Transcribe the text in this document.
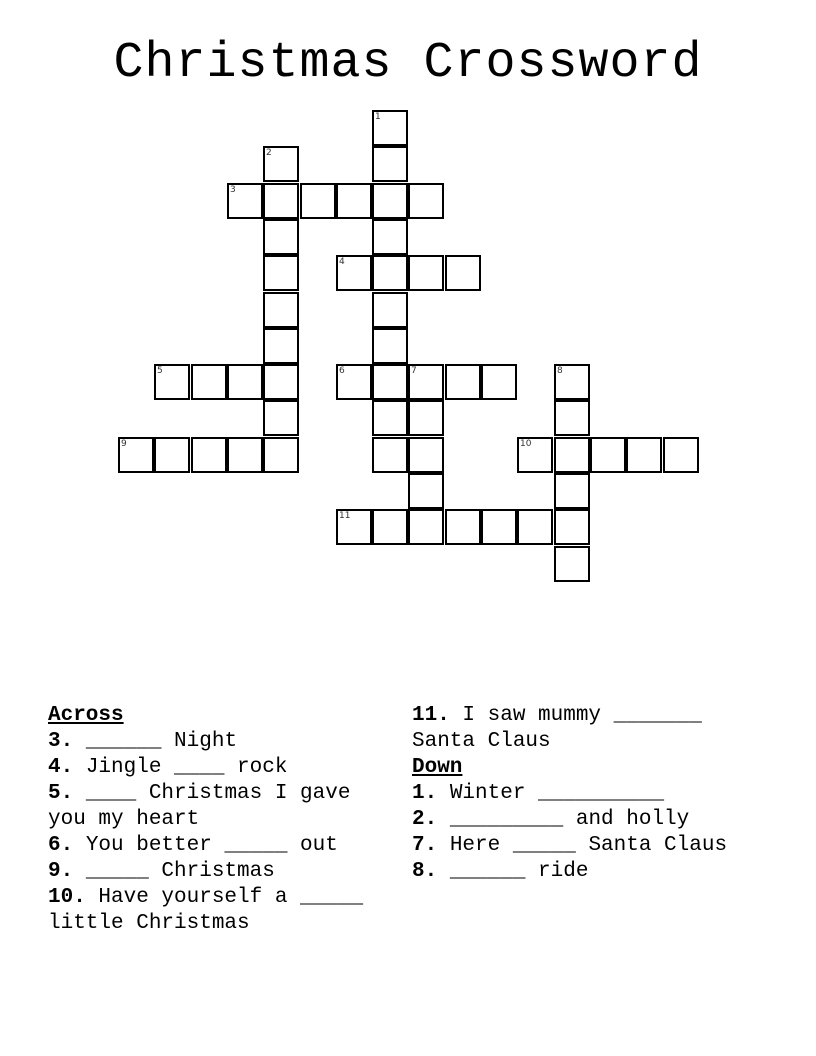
Christmas Crossword
1
2
3
4
5	6	7	8
9	10
11
Across
3. ______ Night
4. Jingle ____ rock
5. ____ Christmas I gave you my heart
6. You better _____ out
9. _____ Christmas
10. Have yourself a _____ little Christmas
11. I saw mummy _______ Santa Claus
Down
1. Winter __________
2. _________ and holly
7. Here _____ Santa Claus
8. ______ ride
